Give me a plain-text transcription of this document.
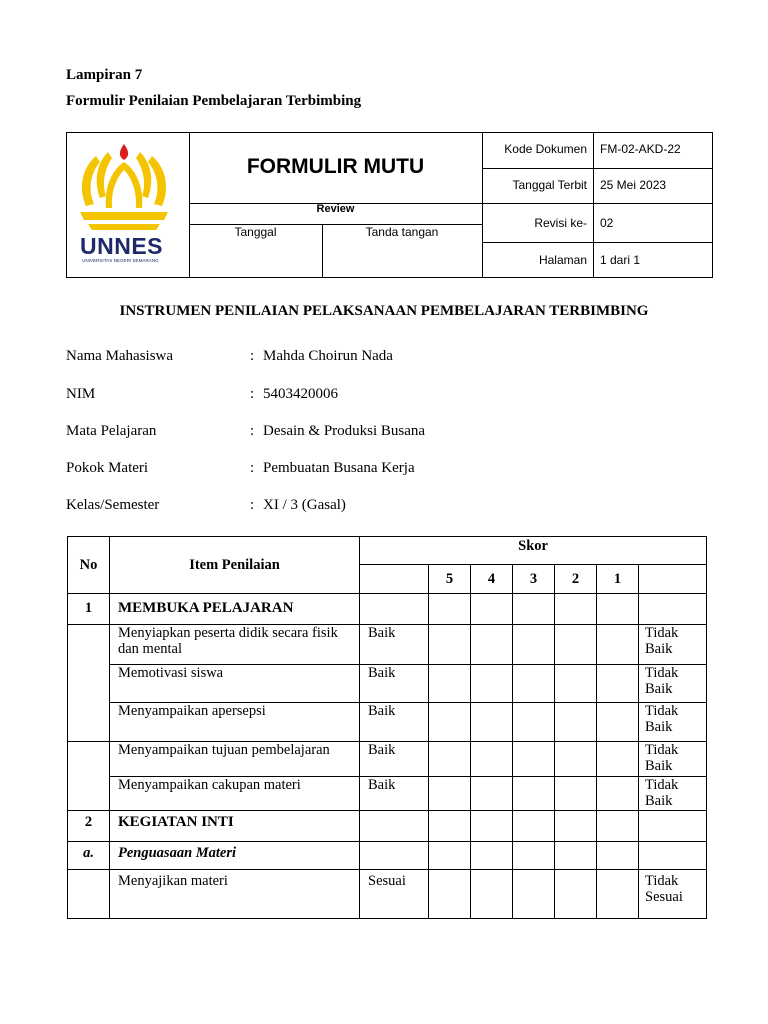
Lampiran 7
Formulir Penilaian Pembelajaran Terbimbing
UNNES
UNIVERSITAS NEGERI SEMARANG
FORMULIR MUTU
Review
Tanggal	Tanda tangan
Kode Dokumen FM-02-AKD-22
Tanggal Terbit 25 Mei 2023
Revisi ke- 02
Halaman 1 dari 1
INSTRUMEN PENILAIAN PELAKSANAAN PEMBELAJARAN TERBIMBING
Nama Mahasiswa	: Mahda Choirun Nada
NIM	: 5403420006
Mata Pelajaran	: Desain & Produksi Busana
Pokok Materi	: Pembuatan Busana Kerja
Kelas/Semester	: XI / 3 (Gasal)
No	Item Penilaian	Skor						
			5	4	3	2	1	
1	MEMBUKA PELAJARAN							
	Menyiapkan peserta didik secara fisik dan mental	Baik						Tidak Baik
	Memotivasi siswa	Baik						Tidak Baik
	Menyampaikan apersepsi	Baik						Tidak Baik
	Menyampaikan tujuan pembelajaran	Baik						Tidak Baik
	Menyampaikan cakupan materi	Baik						Tidak Baik
2	KEGIATAN INTI							
a.	Penguasaan Materi							
	Menyajikan materi	Sesuai						Tidak Sesuai
